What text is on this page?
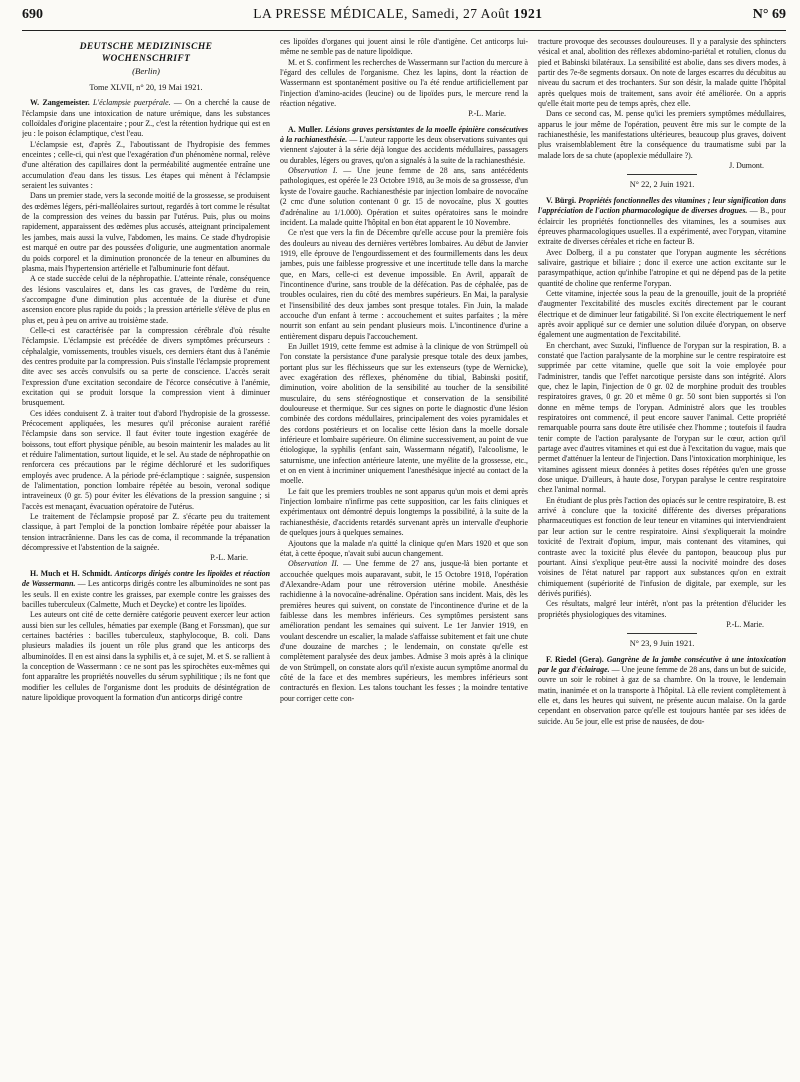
690	LA PRESSE MÉDICALE, Samedi, 27 Août 1921	N° 69
DEUTSCHE MEDIZINISCHE
WOCHENSCHRIFT
(Berlin)
Tome XLVII, n° 20, 19 Mai 1921.

W. Zangemeister. L'éclampsie puerpérale. — On a cherché la cause de l'éclampsie dans une intoxication de nature urémique, dans les substances colloïdales d'origine placentaire ; pour Z., c'est la rétention hydrique qui est en jeu : le poison éclamptique, c'est l'eau.

L'éclampsie est, d'après Z., l'aboutissant de l'hydropisie des femmes enceintes ; celle-ci, qui n'est que l'exagération d'un phénomène normal, relève d'une altération des capillaires dont la perméabilité augmentée entraîne une accumulation d'eau dans les tissus. Les étapes qui mènent à l'éclampsie seraient les suivantes :

Dans un premier stade, vers la seconde moitié de la grossesse, se produisent des œdèmes légers, péri-malléolaires surtout, regardés à tort comme le résultat de la compression des veines du bassin par l'utérus. Puis, plus ou moins rapidement, apparaissent des œdèmes plus accusés, atteignant principalement les jambes, mais aussi la vulve, l'abdomen, les mains. Ce stade d'hydropisie est marqué en outre par des poussées d'oligurie, une augmentation anormale du poids corporel et la diminution prononcée de la teneur en albumines du plasma, mais l'hypertension artérielle et l'albuminurie font défaut.

A ce stade succède celui de la néphropathie. L'atteinte rénale, conséquence des lésions vasculaires et, dans les cas graves, de l'œdème du rein, s'accompagne d'une diminution plus accentuée de la diurèse et d'une ascension encore plus rapide du poids ; la pression artérielle s'élève de plus en plus et, peu à peu on arrive au troisième stade.

Celle-ci est caractérisée par la compression cérébrale d'où résulte l'éclampsie. L'éclampsie est précédée de divers symptômes précurseurs : céphalalgie, vomissements, troubles visuels, ces derniers étant dus à l'anémie des centres produite par la compression. Puis s'installe l'éclampsie proprement dite avec ses accès convulsifs ou sa perte de conscience. L'accès serait l'expression d'une excitation secondaire de l'écorce consécutive à l'anémie, excitation qui se produit lorsque la compression vient à diminuer brusquement.

Ces idées conduisent Z. à traiter tout d'abord l'hydropisie de la grossesse. Précocement appliquées, les mesures qu'il préconise auraient raréfié l'éclampsie dans son service. Il faut éviter toute ingestion exagérée de boissons, tout effort physique pénible, au besoin maintenir les malades au lit et réduire l'alimentation, surtout liquide, et le sel. Au stade de néphropathie on renforcera ces précautions par le régime déchloruré et les sudorifiques employés avec prudence. A la période pré-éclamptique : saignée, suspension de l'alimentation, ponction lombaire répétée au besoin, veronal sodique intraveineux (0 gr. 5) pour éviter les élévations de la pression sanguine ; si l'accès est menaçant, évacuation opératoire de l'utérus.

Le traitement de l'éclampsie proposé par Z. s'écarte peu du traitement classique, à part l'emploi de la ponction lombaire répétée pour abaisser la tension intracrânienne. Dans les cas de coma, il recommande la trépanation décompressive et l'abstention de la saignée.

P.-L. Marie.

H. Much et H. Schmidt. Anticorps dirigés contre les lipoïdes et réaction de Wassermann. — Les anticorps dirigés contre les albuminoïdes ne sont pas les seuls. Il en existe contre les graisses, par exemple contre les graisses des bacilles tuberculeux (Calmette, Much et Deycke) et contre les lipoïdes.

Les auteurs ont cité de cette dernière catégorie peuvent exercer leur action aussi bien sur les cellules, hématies par exemple (Bang et Forssman), que sur certaines bactéries : bacilles tuberculeux, staphylocoque, B. coli. Dans plusieurs maladies ils jouent un rôle plus grand que les anticorps des albuminoïdes. Il en est ainsi dans la syphilis et, à ce sujet, M. et S. se rallient à la conception de Wassermann : ce ne sont pas les spirochètes eux-mêmes qui font apparaître les propriétés nouvelles du sérum syphilitique ; ils ne font que modifier les cellules de l'organisme dont les produits de désintégration de nature lipoïdique provoquent la formation d'un anticorps dirigé contre

ces lipoïdes d'organes qui jouent ainsi le rôle d'antigène. Cet anticorps lui-même ne semble pas de nature lipoïdique.

M. et S. confirment les recherches de Wassermann sur l'action du mercure à l'égard des cellules de l'organisme. Chez les lapins, dont la réaction de Wassermann est spontanément positive ou l'a été rendue artificiellement par l'injection d'amino-acides (leucine) ou de lipoïdes purs, le mercure rend la réaction négative.

P.-L. Marie.

A. Muller. Lésions graves persistantes de la moelle épinière consécutives à la rachianesthésie. — L'auteur rapporte les deux observations suivantes qui viennent s'ajouter à la série déjà longue des accidents médullaires, passagers ou durables, légers ou graves, qu'on a signalés à la suite de la rachianesthésie.

Observation I. — Une jeune femme de 28 ans, sans antécédents pathologiques, est opérée le 23 Octobre 1918, au 3e mois de sa grossesse, d'un kyste de l'ovaire gauche. Rachianesthésie par injection lombaire de novocaïne (2 cmc d'une solution contenant 0 gr. 15 de novocaïne, plus X gouttes d'adrénaline au 1/1.000). Opération et suites opératoires sans le moindre incident. La malade quitte l'hôpital en bon état apparent le 10 Novembre.

Ce n'est que vers la fin de Décembre qu'elle accuse pour la première fois des douleurs au niveau des dernières vertèbres lombaires. Au début de Janvier 1919, elle éprouve de l'engourdissement et des fourmillements dans les deux jambes, puis une faiblesse progressive et une incertitude telle dans la marche que, en Mars, celle-ci est devenue impossible. En Avril, apparaît de l'incontinence d'urine, sans trouble de la défécation. Pas de céphalée, pas de troubles oculaires, rien du côté des membres supérieurs. En Mai, la paralysie et l'insensibilité des deux jambes sont presque totales. Fin Juin, la malade accouche d'un enfant à terme : accouchement et suites parfaites ; la mère nourrit son enfant au sein pendant plusieurs mois. L'incontinence d'urine a entièrement disparu depuis l'accouchement.

En Juillet 1919, cette femme est admise à la clinique de von Strümpell où l'on constate la persistance d'une paralysie presque totale des deux jambes, portant plus sur les fléchisseurs que sur les extenseurs (type de Wernicke), avec exagération des réflexes, phénomène du tibial, Babinski positif, diminution, voire abolition de la sensibilité au toucher de la sensibilité musculaire, du sens stéréognostique et conservation de la sensibilité douloureuse et thermique. Sur ces signes on porte le diagnostic d'une lésion combinée des cordons médullaires, principalement des voies pyramidales et des cordons postérieurs et on localise cette lésion dans la moelle dorsale inférieure et lombaire supérieure. On élimine successivement, au point de vue étiologique, la syphilis (enfant sain, Wassermann négatif), l'alcoolisme, le saturnisme, une infection antérieure latente, une myélite de la grossesse, etc., et on en vient à incriminer uniquement l'anesthésique injecté au contact de la moelle.

Le fait que les premiers troubles ne sont apparus qu'un mois et demi après l'injection lombaire n'infirme pas cette supposition, car les faits cliniques et expérimentaux ont démontré depuis longtemps la possibilité, à la suite de la rachianesthésie, d'accidents retardés survenant après un intervalle d'euphorie de quelques jours à quelques semaines.

Ajoutons que la malade n'a quitté la clinique qu'en Mars 1920 et que son état, à cette époque, n'avait subi aucun changement.

Observation II. — Une femme de 27 ans, jusque-là bien portante et accouchée quelques mois auparavant, subit, le 15 Octobre 1918, l'opération d'Alexandre-Adam pour une rétroversion utérine mobile. Anesthésie rachidienne à la novocaïne-adrénaline. Opération sans incident. Mais, dès les premières heures qui suivent, on constate de l'incontinence d'urine et de la faiblesse dans les membres inférieurs. Ces symptômes persistent sans amélioration pendant les semaines qui suivent. Le 1er Janvier 1919, en voulant descendre un escalier, la malade s'affaisse subitement et fait une chute d'une douzaine de marches ; le lendemain, on constate qu'elle est complètement paralysée des deux jambes. Admise 3 mois après à la clinique de von Strümpell, on constate alors qu'il n'existe aucun symptôme anormal du côté de la face et des membres supérieurs, les membres inférieurs sont contracturés en flexion. Les talons touchant les fesses ; la moindre tentative pour corriger cette con-

tracture provoque des secousses douloureuses. Il y a paralysie des sphincters vésical et anal, abolition des réflexes abdomino-pariétal et rotulien, clonus du pied et Babinski bilatéraux. La sensibilité est abolie, dans ses divers modes, à partir des 7e-8e segments dorsaux. On note de larges escarres du décubitus au niveau du sacrum et des trochanters. Sur son désir, la malade quitte l'hôpital après quelques mois de traitement, sans avoir été améliorée. On a appris qu'elle était morte peu de temps après, chez elle.

Dans ce second cas, M. pense qu'ici les premiers symptômes médullaires, apparus le jour même de l'opération, peuvent être mis sur le compte de la rachianesthésie, les manifestations ultérieures, beaucoup plus graves, doivent plus vraisemblablement être la conséquence du traumatisme subi par la malade lors de sa chute (apoplexie médullaire ?).

J. Dumont.

N° 22, 2 Juin 1921.

V. Bürgi. Propriétés fonctionnelles des vitamines ; leur signification dans l'appréciation de l'action pharmacologique de diverses drogues. — B., pour éclaircir les propriétés fonctionnelles des vitamines, les a soumises aux épreuves pharmacologiques usuelles. Il a expérimenté, avec l'orypan, vitamine extraite de diverses céréales et riche en facteur B.

Avec Dolberg, il a pu constater que l'orypan augmente les sécrétions salivaire, gastrique et biliaire ; donc il exerce une action excitante sur le parasympathique, action qu'inhibe l'atropine et qui ne dépend pas de la petite quantité de choline que renferme l'orypan.

Cette vitamine, injectée sous la peau de la grenouille, jouit de la propriété d'augmenter l'excitabilité des muscles excités directement par le courant électrique et de diminuer leur fatigabilité. Si l'on excite électriquement le nerf après avoir appliqué sur ce dernier une solution diluée d'orypan, on observe également une augmentation de l'excitabilité.

En cherchant, avec Suzuki, l'influence de l'orypan sur la respiration, B. a constaté que l'action paralysante de la morphine sur le centre respiratoire est supprimée par cette vitamine, quelle que soit la voie employée pour l'administrer, tandis que l'effet narcotique persiste dans son intégrité. Alors que, chez le lapin, l'injection de 0 gr. 02 de morphine produit des troubles respiratoires graves, 0 gr. 20 et même 0 gr. 50 sont bien supportés si l'on donne en même temps de l'orypan. Administré alors que les troubles respiratoires ont commencé, il peut encore sauver l'animal. Cette propriété remarquable pourra sans doute être utilisée chez l'homme ; toutefois il faudra tenir compte de l'action paralysante de l'orypan sur le cœur, action qu'il partage avec d'autres vitamines et qui est due à l'excitation du vague, mais que permet d'atténuer la lenteur de l'injection. Dans l'intoxication morphinique, les vitamines agissent mieux données à petites doses répétées qu'en une grosse dose unique. D'ailleurs, à haute dose, l'orypan paralyse le centre respiratoire chez l'animal normal.

En étudiant de plus près l'action des opiacés sur le centre respiratoire, B. est arrivé à conclure que la toxicité différente des diverses préparations pharmaceutiques est fonction de leur teneur en vitamines qui interviendraient par leur action sur le centre respiratoire. Ainsi s'expliquerait la moindre toxicité de l'extrait d'opium, impur, mais contenant des vitamines, qui contraste avec la toxicité plus élevée du pantopon, beaucoup plus pur pourtant. Ainsi s'explique peut-être aussi la nocivité moindre des doses voisines de l'état naturel par rapport aux substances qu'on en extrait chimiquement (supériorité de l'infusion de digitale, par exemple, sur les dérivés purifiés).

Ces résultats, malgré leur intérêt, n'ont pas la prétention d'élucider les propriétés physiologiques des vitamines.

P.-L. Marie.

N° 23, 9 Juin 1921.

F. Riedel (Gera). Gangrène de la jambe consécutive à une intoxication par le gaz d'éclairage. — Une jeune femme de 28 ans, dans un but de suicide, ouvre un soir le robinet à gaz de sa chambre. On la trouve, le lendemain matin, inanimée et on la transporte à l'hôpital. Là elle revient complètement à elle et, dans les heures qui suivent, ne présente aucun malaise. On la garde cependant en observation parce qu'elle est toujours hantée par ses idées de suicide. Au 5e jour, elle est prise de nausées, de dou-
